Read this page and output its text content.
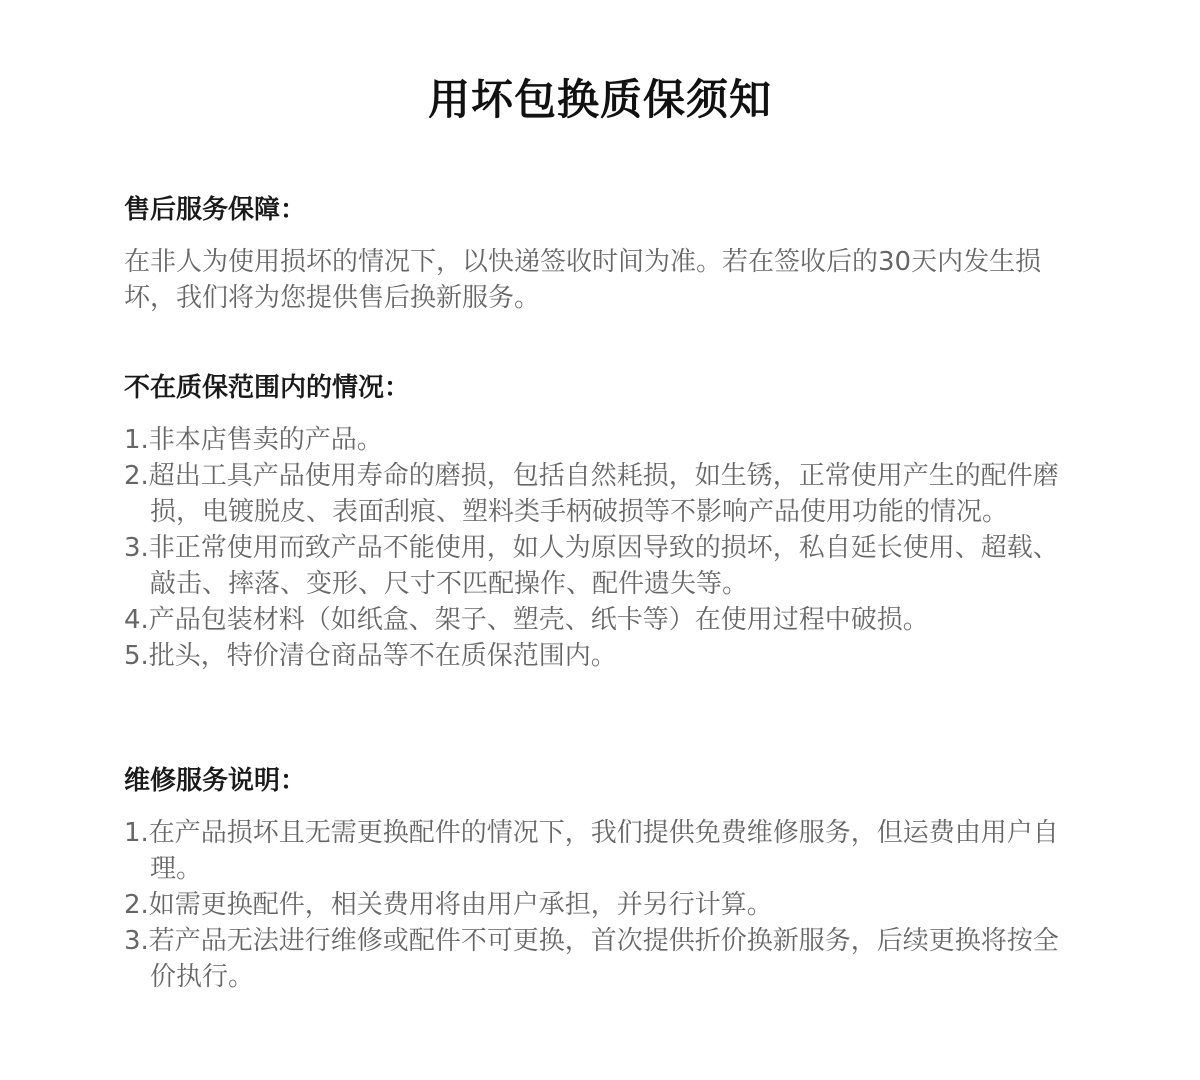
用坏包换质保须知
售后服务保障：

在非人为使用损坏的情况下，以快递签收时间为准。若在签收后的30天内发生损坏，我们将为您提供售后换新服务。

不在质保范围内的情况：
1.非本店售卖的产品。
2.超出工具产品使用寿命的磨损，包括自然耗损，如生锈，正常使用产生的配件磨损，电镀脱皮、表面刮痕、塑料类手柄破损等不影响产品使用功能的情况。
3.非正常使用而致产品不能使用，如人为原因导致的损坏，私自延长使用、超载、敲击、摔落、变形、尺寸不匹配操作、配件遗失等。
4.产品包装材料（如纸盒、架子、塑壳、纸卡等）在使用过程中破损。
5.批头，特价清仓商品等不在质保范围内。
维修服务说明：
1.在产品损坏且无需更换配件的情况下，我们提供免费维修服务，但运费由用户自理。
2.如需更换配件，相关费用将由用户承担，并另行计算。
3.若产品无法进行维修或配件不可更换，首次提供折价换新服务，后续更换将按全价执行。
